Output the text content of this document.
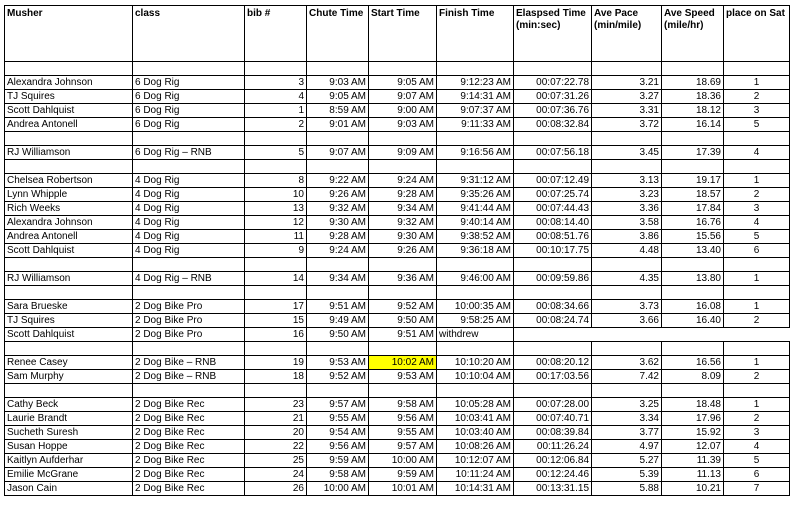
Musher	class	bib #	Chute Time	Start Time	Finish Time	Elaspsed Time (min:sec)	Ave Pace (min/mile)	Ave Speed (mile/hr)	place on Sat

Alexandra Johnson	6 Dog Rig	3	9:03 AM	9:05 AM	9:12:23 AM	00:07:22.78	3.21	18.69	1
TJ Squires	6 Dog Rig	4	9:05 AM	9:07 AM	9:14:31 AM	00:07:31.26	3.27	18.36	2
Scott Dahlquist	6 Dog Rig	1	8:59 AM	9:00 AM	9:07:37 AM	00:07:36.76	3.31	18.12	3
Andrea Antonell	6 Dog Rig	2	9:01 AM	9:03 AM	9:11:33 AM	00:08:32.84	3.72	16.14	5

RJ Williamson	6 Dog Rig – RNB	5	9:07 AM	9:09 AM	9:16:56 AM	00:07:56.18	3.45	17.39	4

Chelsea Robertson	4 Dog Rig	8	9:22 AM	9:24 AM	9:31:12 AM	00:07:12.49	3.13	19.17	1
Lynn Whipple	4 Dog Rig	10	9:26 AM	9:28 AM	9:35:26 AM	00:07:25.74	3.23	18.57	2
Rich Weeks	4 Dog Rig	13	9:32 AM	9:34 AM	9:41:44 AM	00:07:44.43	3.36	17.84	3
Alexandra Johnson	4 Dog Rig	12	9:30 AM	9:32 AM	9:40:14 AM	00:08:14.40	3.58	16.76	4
Andrea Antonell	4 Dog Rig	11	9:28 AM	9:30 AM	9:38:52 AM	00:08:51.76	3.86	15.56	5
Scott Dahlquist	4 Dog Rig	9	9:24 AM	9:26 AM	9:36:18 AM	00:10:17.75	4.48	13.40	6

RJ Williamson	4 Dog Rig – RNB	14	9:34 AM	9:36 AM	9:46:00 AM	00:09:59.86	4.35	13.80	1

Sara Brueske	2 Dog Bike Pro	17	9:51 AM	9:52 AM	10:00:35 AM	00:08:34.66	3.73	16.08	1
TJ Squires	2 Dog Bike Pro	15	9:49 AM	9:50 AM	9:58:25 AM	00:08:24.74	3.66	16.40	2
Scott Dahlquist	2 Dog Bike Pro	16	9:50 AM	9:51 AM	withdrew				

Renee Casey	2 Dog Bike – RNB	19	9:53 AM	10:02 AM	10:10:20 AM	00:08:20.12	3.62	16.56	1
Sam Murphy	2 Dog Bike – RNB	18	9:52 AM	9:53 AM	10:10:04 AM	00:17:03.56	7.42	8.09	2

Cathy Beck	2 Dog Bike Rec	23	9:57 AM	9:58 AM	10:05:28 AM	00:07:28.00	3.25	18.48	1
Laurie Brandt	2 Dog Bike Rec	21	9:55 AM	9:56 AM	10:03:41 AM	00:07:40.71	3.34	17.96	2
Sucheth Suresh	2 Dog Bike Rec	20	9:54 AM	9:55 AM	10:03:40 AM	00:08:39.84	3.77	15.92	3
Susan Hoppe	2 Dog Bike Rec	22	9:56 AM	9:57 AM	10:08:26 AM	00:11:26.24	4.97	12.07	4
Kaitlyn Aufderhar	2 Dog Bike Rec	25	9:59 AM	10:00 AM	10:12:07 AM	00:12:06.84	5.27	11.39	5
Emilie McGrane	2 Dog Bike Rec	24	9:58 AM	9:59 AM	10:11:24 AM	00:12:24.46	5.39	11.13	6
Jason Cain	2 Dog Bike Rec	26	10:00 AM	10:01 AM	10:14:31 AM	00:13:31.15	5.88	10.21	7
